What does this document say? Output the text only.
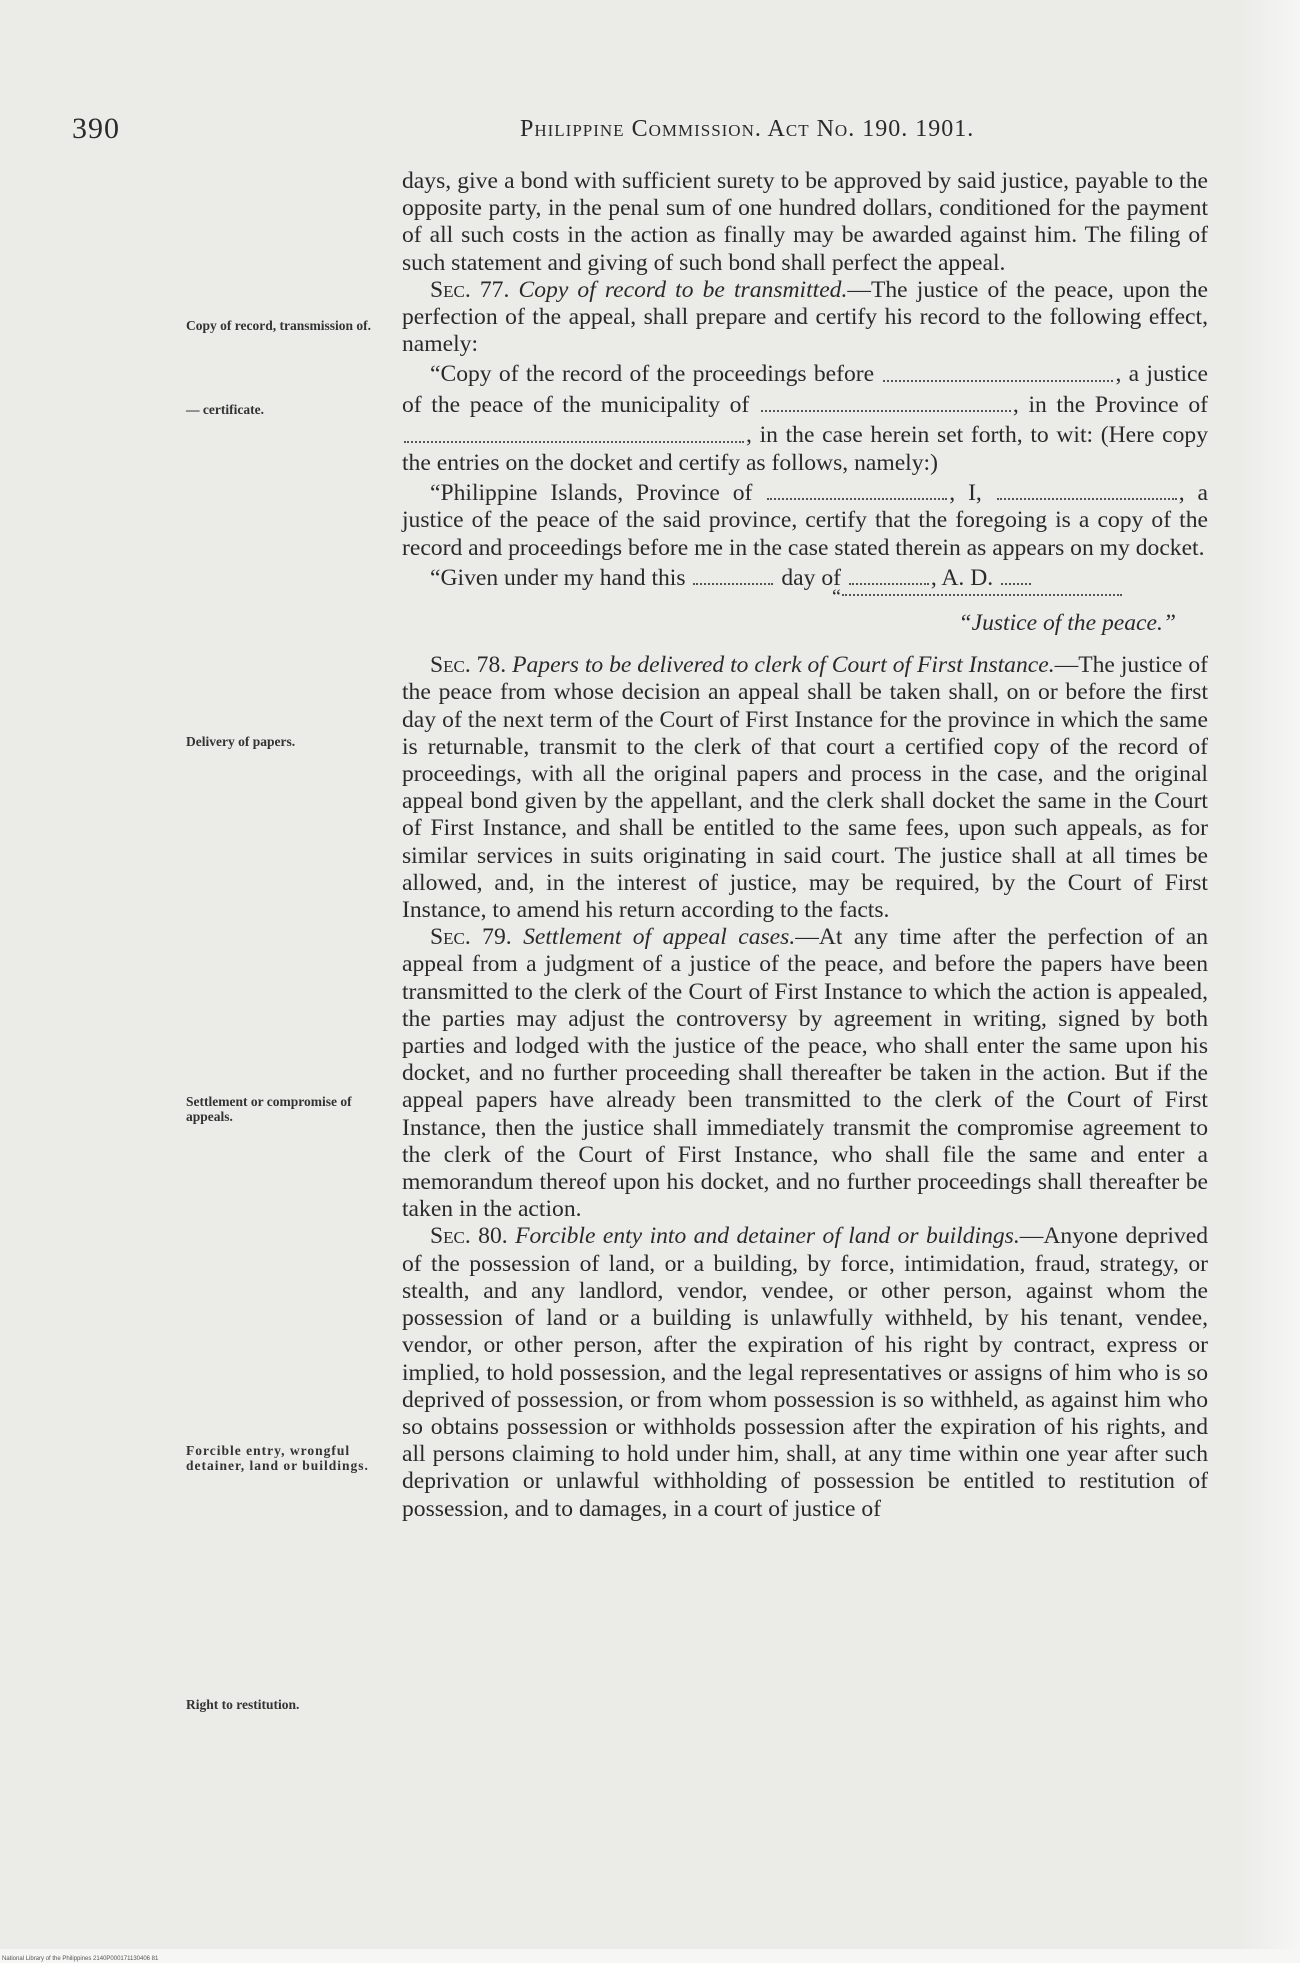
390	Philippine Commission. Act No. 190. 1901.
Copy of record, transmission of.
— certificate.
Delivery of papers.
Settlement or compromise of appeals.
Forcible entry, wrongful detainer, land or buildings.
Right to restitution.

days, give a bond with sufficient surety to be approved by said justice, payable to the opposite party, in the penal sum of one hundred dollars, conditioned for the payment of all such costs in the action as finally may be awarded against him. The filing of such statement and giving of such bond shall perfect the appeal.

Sec. 77. Copy of record to be transmitted.—The justice of the peace, upon the perfection of the appeal, shall prepare and certify his record to the following effect, namely:

“Copy of the record of the proceedings before	, a justice of the peace of the municipality of	, in the Province of , in the case herein set forth, to wit: (Here copy the entries on the docket and certify as follows, namely:)

“Philippine Islands, Province of	, I,	, a justice of the peace of the said province, certify that the foregoing is a copy of the record and proceedings before me in the case stated therein as appears on my docket.

“Given under my hand this	day of	, A. D.

“
“Justice of the peace.”

Sec. 78. Papers to be delivered to clerk of Court of First Instance.—The justice of the peace from whose decision an appeal shall be taken shall, on or before the first day of the next term of the Court of First Instance for the province in which the same is returnable, transmit to the clerk of that court a certified copy of the record of proceedings, with all the original papers and process in the case, and the original appeal bond given by the appellant, and the clerk shall docket the same in the Court of First Instance, and shall be entitled to the same fees, upon such appeals, as for similar services in suits originating in said court. The justice shall at all times be allowed, and, in the interest of justice, may be required, by the Court of First Instance, to amend his return according to the facts.

Sec. 79. Settlement of appeal cases.—At any time after the perfection of an appeal from a judgment of a justice of the peace, and before the papers have been transmitted to the clerk of the Court of First Instance to which the action is appealed, the parties may adjust the controversy by agreement in writing, signed by both parties and lodged with the justice of the peace, who shall enter the same upon his docket, and no further proceeding shall thereafter be taken in the action. But if the appeal papers have already been transmitted to the clerk of the Court of First Instance, then the justice shall immediately transmit the compromise agreement to the clerk of the Court of First Instance, who shall file the same and enter a memorandum thereof upon his docket, and no further proceedings shall thereafter be taken in the action.

Sec. 80. Forcible enty into and detainer of land or buildings.—Anyone deprived of the possession of land, or a building, by force, intimidation, fraud, strategy, or stealth, and any landlord, vendor, vendee, or other person, against whom the possession of land or a building is unlawfully withheld, by his tenant, vendee, vendor, or other person, after the expiration of his right by contract, express or implied, to hold possession, and the legal representatives or assigns of him who is so deprived of possession, or from whom possession is so withheld, as against him who so obtains possession or withholds possession after the expiration of his rights, and all persons claiming to hold under him, shall, at any time within one year after such deprivation or unlawful withholding of possession be entitled to restitution of possession, and to damages, in a court of justice of

National Library of the Philippines 2140P000171130406 81
